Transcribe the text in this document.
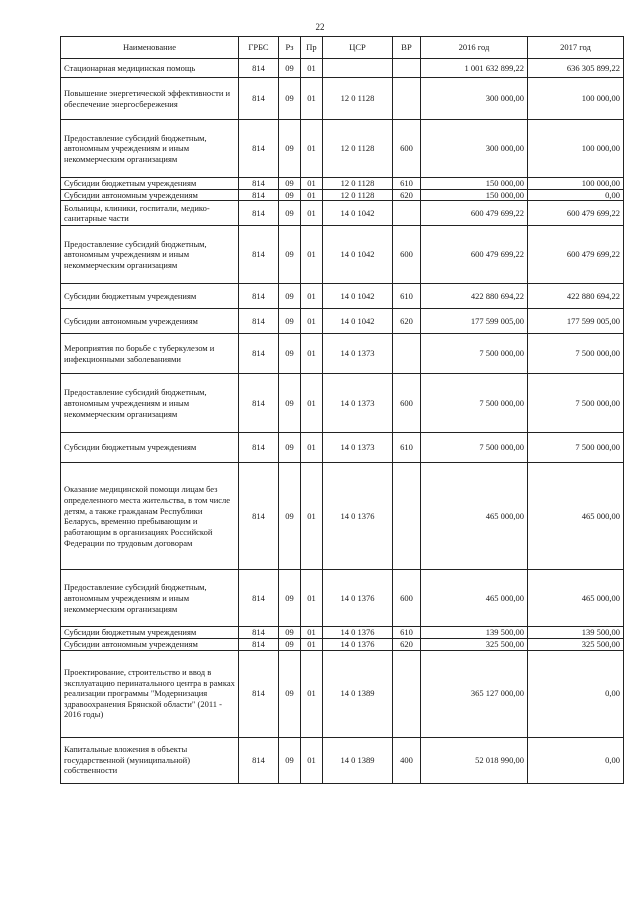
22
Наименование	ГРБС	Рз	Пр	ЦСР	ВР	2016 год	2017 год
Стационарная медицинская помощь	814	09	01			1 001 632 899,22	636 305 899,22
Повышение энергетической эффективности и обеспечение энергосбережения	814	09	01	12 0 1128		300 000,00	100 000,00
Предоставление субсидий бюджетным, автономным учреждениям и иным некоммерческим организациям	814	09	01	12 0 1128	600	300 000,00	100 000,00
Субсидии бюджетным учреждениям	814	09	01	12 0 1128	610	150 000,00	100 000,00
Субсидии автономным учреждениям	814	09	01	12 0 1128	620	150 000,00	0,00
Больницы, клиники, госпитали, медико-санитарные части	814	09	01	14 0 1042		600 479 699,22	600 479 699,22
Предоставление субсидий бюджетным, автономным учреждениям и иным некоммерческим организациям	814	09	01	14 0 1042	600	600 479 699,22	600 479 699,22
Субсидии бюджетным учреждениям	814	09	01	14 0 1042	610	422 880 694,22	422 880 694,22
Субсидии автономным учреждениям	814	09	01	14 0 1042	620	177 599 005,00	177 599 005,00
Мероприятия по борьбе с туберкулезом и инфекционными заболеваниями	814	09	01	14 0 1373		7 500 000,00	7 500 000,00
Предоставление субсидий бюджетным, автономным учреждениям и иным некоммерческим организациям	814	09	01	14 0 1373	600	7 500 000,00	7 500 000,00
Субсидии бюджетным учреждениям	814	09	01	14 0 1373	610	7 500 000,00	7 500 000,00
Оказание медицинской помощи лицам без определенного места жительства, в том числе детям, а также гражданам Республики Беларусь, временно пребывающим и работающим в организациях Российской Федерации по трудовым договорам	814	09	01	14 0 1376		465 000,00	465 000,00
Предоставление субсидий бюджетным, автономным учреждениям и иным некоммерческим организациям	814	09	01	14 0 1376	600	465 000,00	465 000,00
Субсидии бюджетным учреждениям	814	09	01	14 0 1376	610	139 500,00	139 500,00
Субсидии автономным учреждениям	814	09	01	14 0 1376	620	325 500,00	325 500,00
Проектирование, строительство и ввод в эксплуатацию перинатального центра в рамках реализации программы "Модернизация здравоохранения Брянской области" (2011 - 2016 годы)	814	09	01	14 0 1389		365 127 000,00	0,00
Капитальные вложения в объекты государственной (муниципальной) собственности	814	09	01	14 0 1389	400	52 018 990,00	0,00
